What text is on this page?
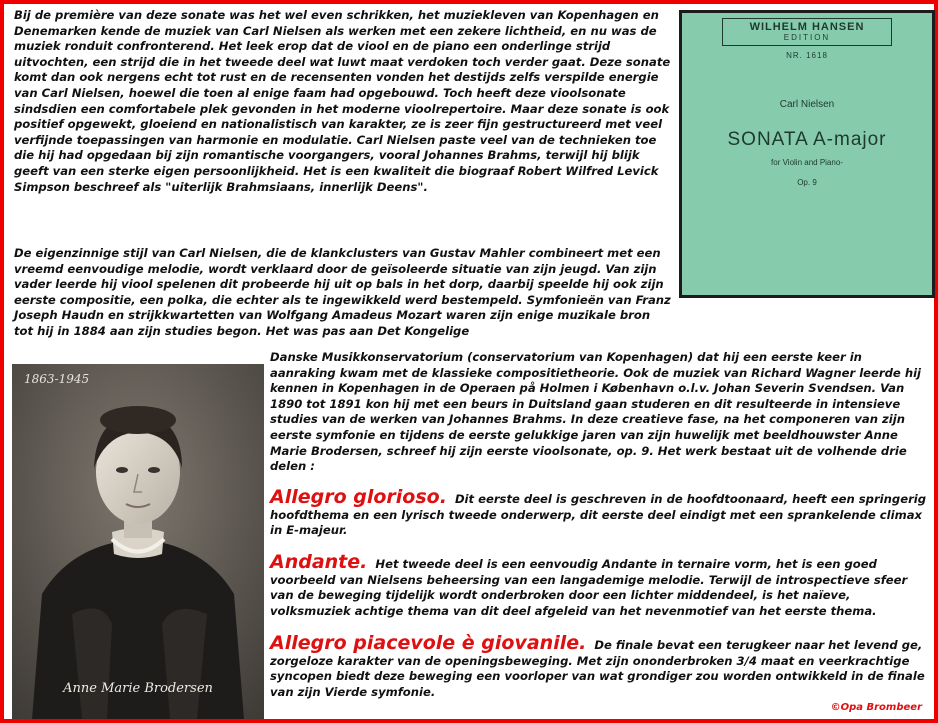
Bij de première van deze sonate was het wel even schrikken, het muziekleven van Kopenhagen en Denemarken kende de muziek van Carl Nielsen als werken met een zekere lichtheid, en nu was de muziek ronduit confronterend. Het leek erop dat de viool en de piano een onderlinge strijd uitvochten, een strijd die in het tweede deel wat luwt maat verdoken toch verder gaat. Deze sonate komt dan ook nergens echt tot rust en de recensenten vonden het destijds zelfs verspilde energie van Carl Nielsen, hoewel die toen al enige faam had opgebouwd. Toch heeft deze vioolsonate sindsdien een comfortabele plek gevonden in het moderne vioolrepertoire. Maar deze sonate is ook positief opgewekt, gloeiend en nationalistisch van karakter, ze is zeer fijn gestructureerd met veel verfijnde toepassingen van harmonie en modulatie. Carl Nielsen paste veel van de technieken toe die hij had opgedaan bij zijn romantische voorgangers, vooral Johannes Brahms, terwijl hij blijk geeft van een sterke eigen persoonlijkheid. Het is een kwaliteit die biograaf Robert Wilfred Levick Simpson beschreef als "uiterlijk Brahmsiaans, innerlijk Deens".

De eigenzinnige stijl van Carl Nielsen, die de klankclusters van Gustav Mahler combineert met een vreemd eenvoudige melodie, wordt verklaard door de geïsoleerde situatie van zijn jeugd. Van zijn vader leerde hij viool spelenen dit probeerde hij uit op bals in het dorp, daarbij speelde hij ook zijn eerste compositie, een polka, die echter als te ingewikkeld werd bestempeld. Symfonieën van Franz Joseph Haudn en strijkkwartetten van Wolfgang Amadeus Mozart waren zijn enige muzikale bron tot hij in 1884 aan zijn studies begon. Het was pas aan Det Kongelige

Danske Musikkonservatorium (conservatorium van Kopenhagen) dat hij een eerste keer in aanraking kwam met de klassieke compositietheorie. Ook de muziek van Richard Wagner leerde hij kennen in Kopenhagen in de Operaen på Holmen i København o.l.v. Johan Severin Svendsen. Van 1890 tot 1891 kon hij met een beurs in Duitsland gaan studeren en dit resulteerde in intensieve studies van de werken van Johannes Brahms. In deze creatieve fase, na het componeren van zijn eerste symfonie en tijdens de eerste gelukkige jaren van zijn huwelijk met beeldhouwster Anne Marie Brodersen, schreef hij zijn eerste vioolsonate, op. 9. Het werk bestaat uit de volhende drie delen :

Allegro glorioso. Dit eerste deel is geschreven in de hoofdtoonaard, heeft een springerig hoofdthema en een lyrisch tweede onderwerp, dit eerste deel eindigt met een sprankelende climax in E-majeur.
Andante. Het tweede deel is een eenvoudig Andante in ternaire vorm, het is een goed voorbeeld van Nielsens beheersing van een langademige melodie. Terwijl de introspectieve sfeer van de beweging tijdelijk wordt onderbroken door een lichter middendeel, is het naïeve, volksmuziek achtige thema van dit deel afgeleid van het nevenmotief van het eerste thema.
Allegro piacevole è giovanile. De finale bevat een terugkeer naar het levend ge, zorgeloze karakter van de openingsbeweging. Met zijn ononderbroken 3/4 maat en veerkrachtige syncopen biedt deze beweging een voorloper van wat grondiger zou worden ontwikkeld in de finale van zijn Vierde symfonie.
WILHELM HANSEN
EDITION
NR. 1618
Carl Nielsen
SONATA A-major
for Violin and Piano-
Op. 9
1863-1945
Anne Marie Brodersen
©Opa Brombeer
